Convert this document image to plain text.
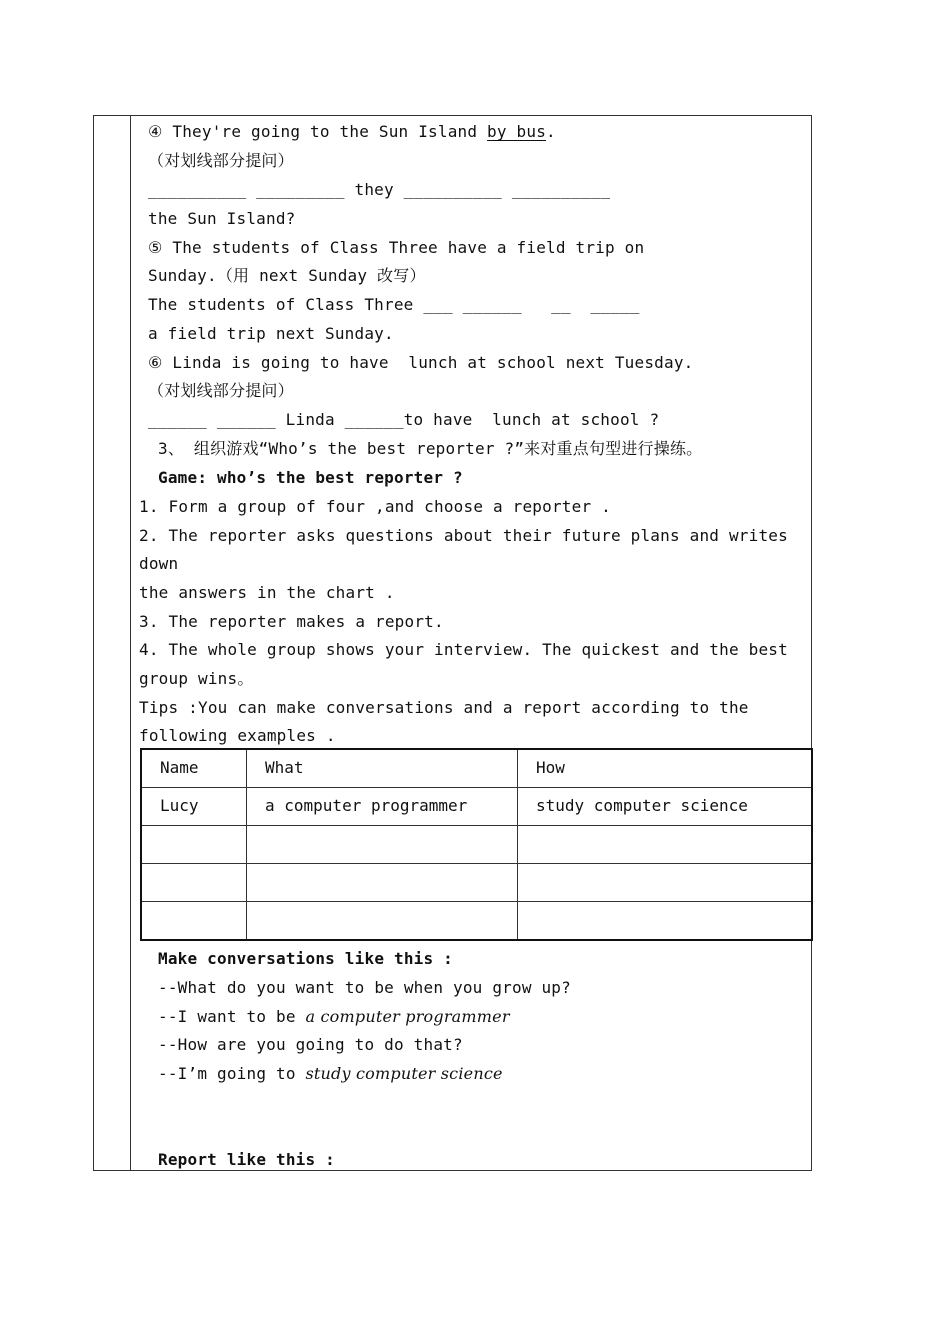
④ They're going to the Sun Island by bus.
（对划线部分提问）
__________ _________ they __________ __________
the Sun Island?
⑤ The students of Class Three have a field trip on
Sunday.（用 next Sunday 改写）
The students of Class Three ___ ______   __  _____
a field trip next Sunday.
⑥ Linda is going to have  lunch at school next Tuesday.
（对划线部分提问）
______ ______ Linda ______to have  lunch at school ?
3、 组织游戏“Who’s the best reporter ?”来对重点句型进行操练。
Game: who’s the best reporter ?
1. Form a group of four ,and choose a reporter .
2. The reporter asks questions about their future plans and writes
down
the answers in the chart .
3. The reporter makes a report.
4. The whole group shows your interview. The quickest and the best
group wins。
Tips :You can make conversations and a report according to the
following examples .
Name	What	How
Lucy	a computer programmer	study computer science
Make conversations like this :
--What do you want to be when you grow up?
--I want to be a computer programmer
--How are you going to do that?
--I’m going to study computer science
Report like this :
